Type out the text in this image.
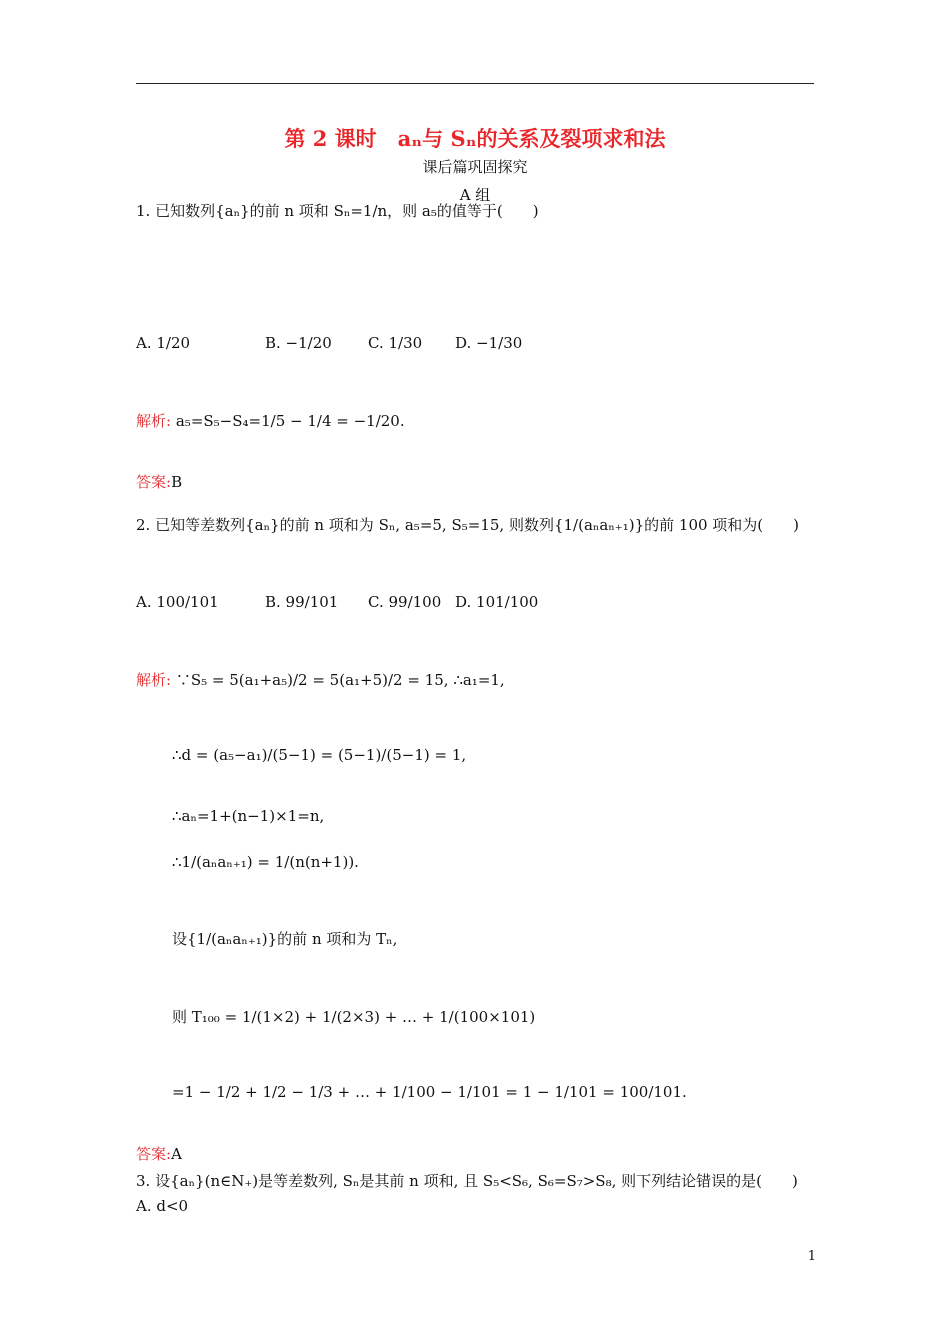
第 2 课时　aₙ与 Sₙ的关系及裂项求和法
课后篇巩固探究
A 组
1. 已知数列{aₙ}的前 n 项和 Sₙ=1/n，则 a₅的值等于(　　)
A. 1/20	B. −1/20 C. 1/30 D. −1/30
解析: a₅=S₅−S₄=1/5 − 1/4 = −1/20.
答案:B
2. 已知等差数列{aₙ}的前 n 项和为 Sₙ, a₅=5, S₅=15, 则数列{1/(aₙaₙ₊₁)}的前 100 项和为(　　)
A. 100/101	B. 99/101 C. 99/100 D. 101/100
解析: ∵S₅ = 5(a₁+a₅)/2 = 5(a₁+5)/2 = 15, ∴a₁=1,
∴d = (a₅−a₁)/(5−1) = (5−1)/(5−1) = 1,
∴aₙ=1+(n−1)×1=n,
∴1/(aₙaₙ₊₁) = 1/(n(n+1)).
设{1/(aₙaₙ₊₁)}的前 n 项和为 Tₙ,
则 T₁₀₀ = 1/(1×2) + 1/(2×3) + … + 1/(100×101)
=1 − 1/2 + 1/2 − 1/3 + … + 1/100 − 1/101 = 1 − 1/101 = 100/101.
答案:A
3. 设{aₙ}(n∈N₊)是等差数列, Sₙ是其前 n 项和, 且 S₅<S₆, S₆=S₇>S₈, 则下列结论错误的是(　　)
A. d<0
1
